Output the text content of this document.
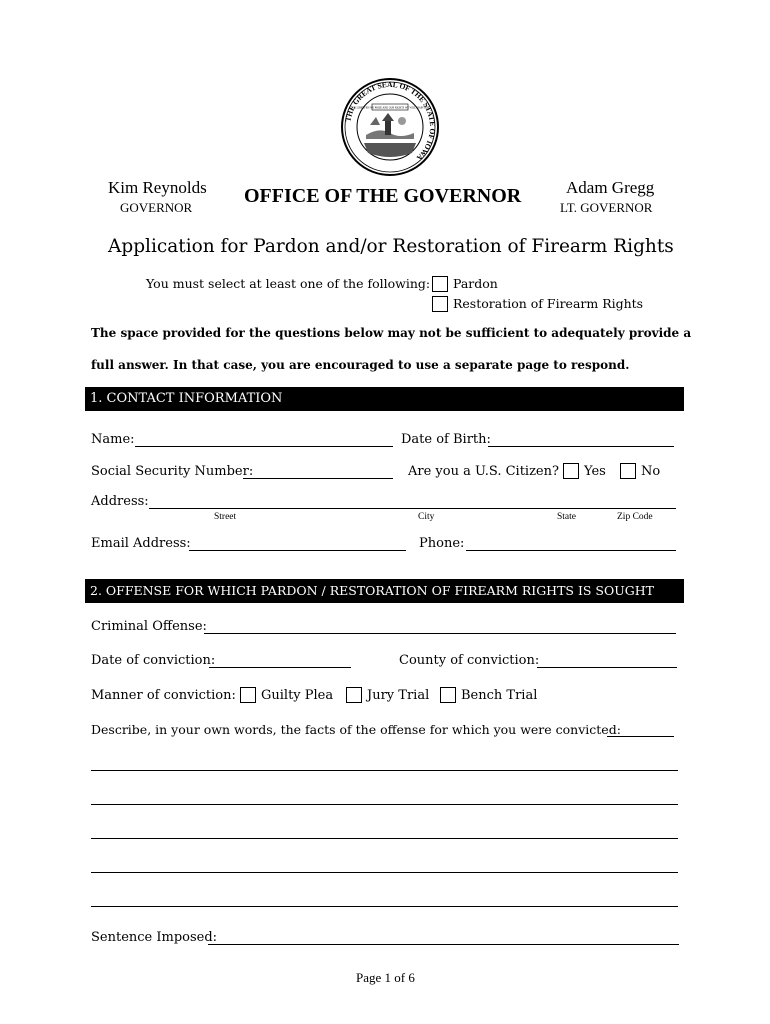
THE GREAT SEAL OF THE STATE OF IOWA
OUR LIBERTIES WE PRIZE AND OUR RIGHTS WE WILL MAINTAIN
Kim Reynolds
GOVERNOR
OFFICE OF THE GOVERNOR	Adam Gregg
LT. GOVERNOR
Application for Pardon and/or Restoration of Firearm Rights
You must select at least one of the following: Pardon
Restoration of Firearm Rights
The space provided for the questions below may not be sufficient to adequately provide a
full answer. In that case, you are encouraged to use a separate page to respond.
1. CONTACT INFORMATION
Name:	Date of Birth:
Social Security Number:	Are you a U.S. Citizen? Yes	No
Address:
Street	City	State	Zip Code
Email Address:	Phone:
2. OFFENSE FOR WHICH PARDON / RESTORATION OF FIREARM RIGHTS IS SOUGHT
Criminal Offense:
Date of conviction:	County of conviction:
Manner of conviction: Guilty Plea	Jury Trial Bench Trial
Describe, in your own words, the facts of the offense for which you were convicted:
Sentence Imposed:
Page 1 of 6
